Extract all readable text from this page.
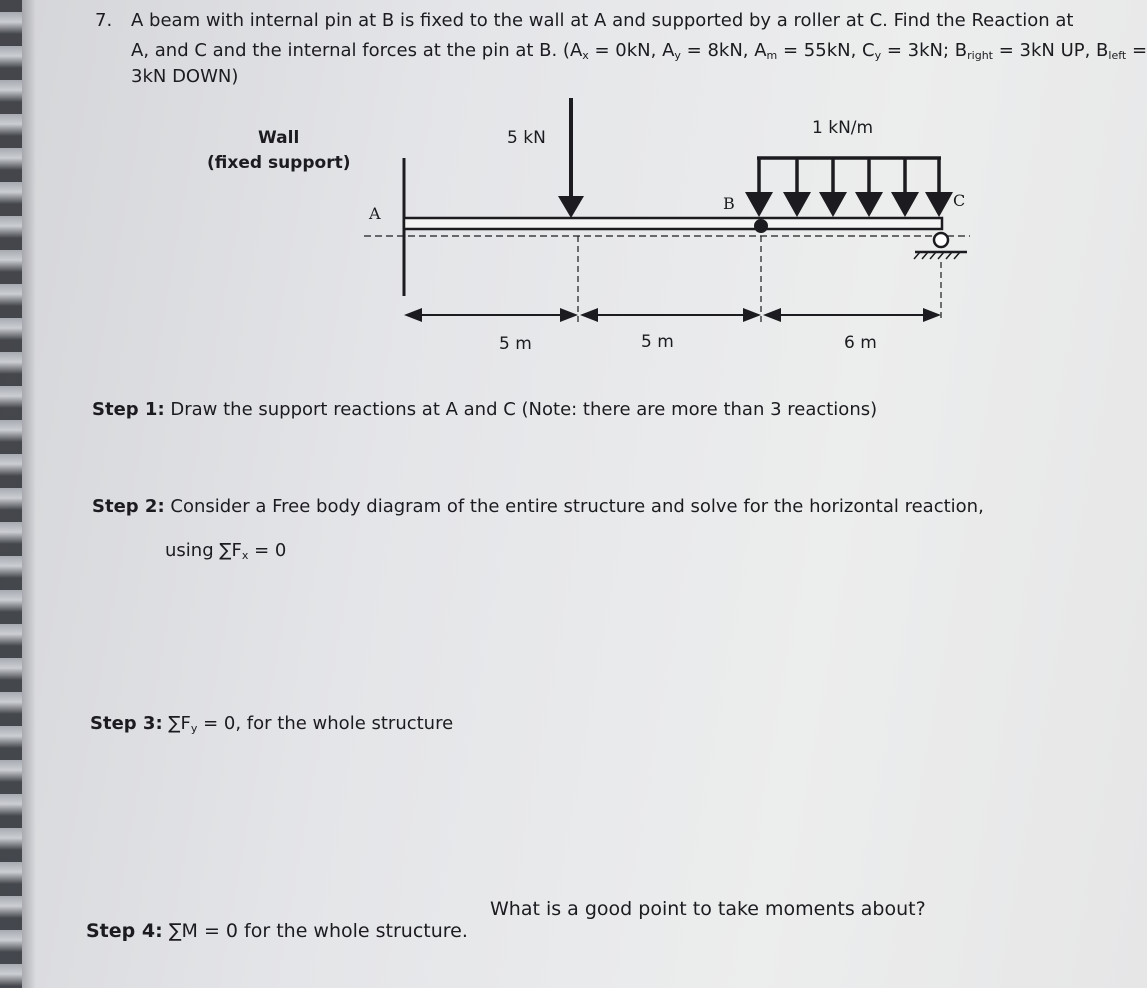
7. A beam with internal pin at B is fixed to the wall at A and supported by a roller at C. Find the Reaction at
A, and C and the internal forces at the pin at B. ($A_x = 0kN$, $A_y = 8kN$, $A_m = 55kN$, $C_y = 3kN$; $B_{right} = 3kN$ UP, $B_{left}$ =
3kN DOWN)
Wall
(fixed support)
A
5 kN	1 kN/m
B	C
5 m	5 m	6 m
Step 1: Draw the support reactions at A and C (Note: there are more than 3 reactions)
Step 2: Consider a Free body diagram of the entire structure and solve for the horizontal reaction,
using $\sum F_x = 0$
Step 3: $\sum F_y = 0$, for the whole structure
Step 4: ∑M = 0 for the whole structure.
What is a good point to take moments about?
